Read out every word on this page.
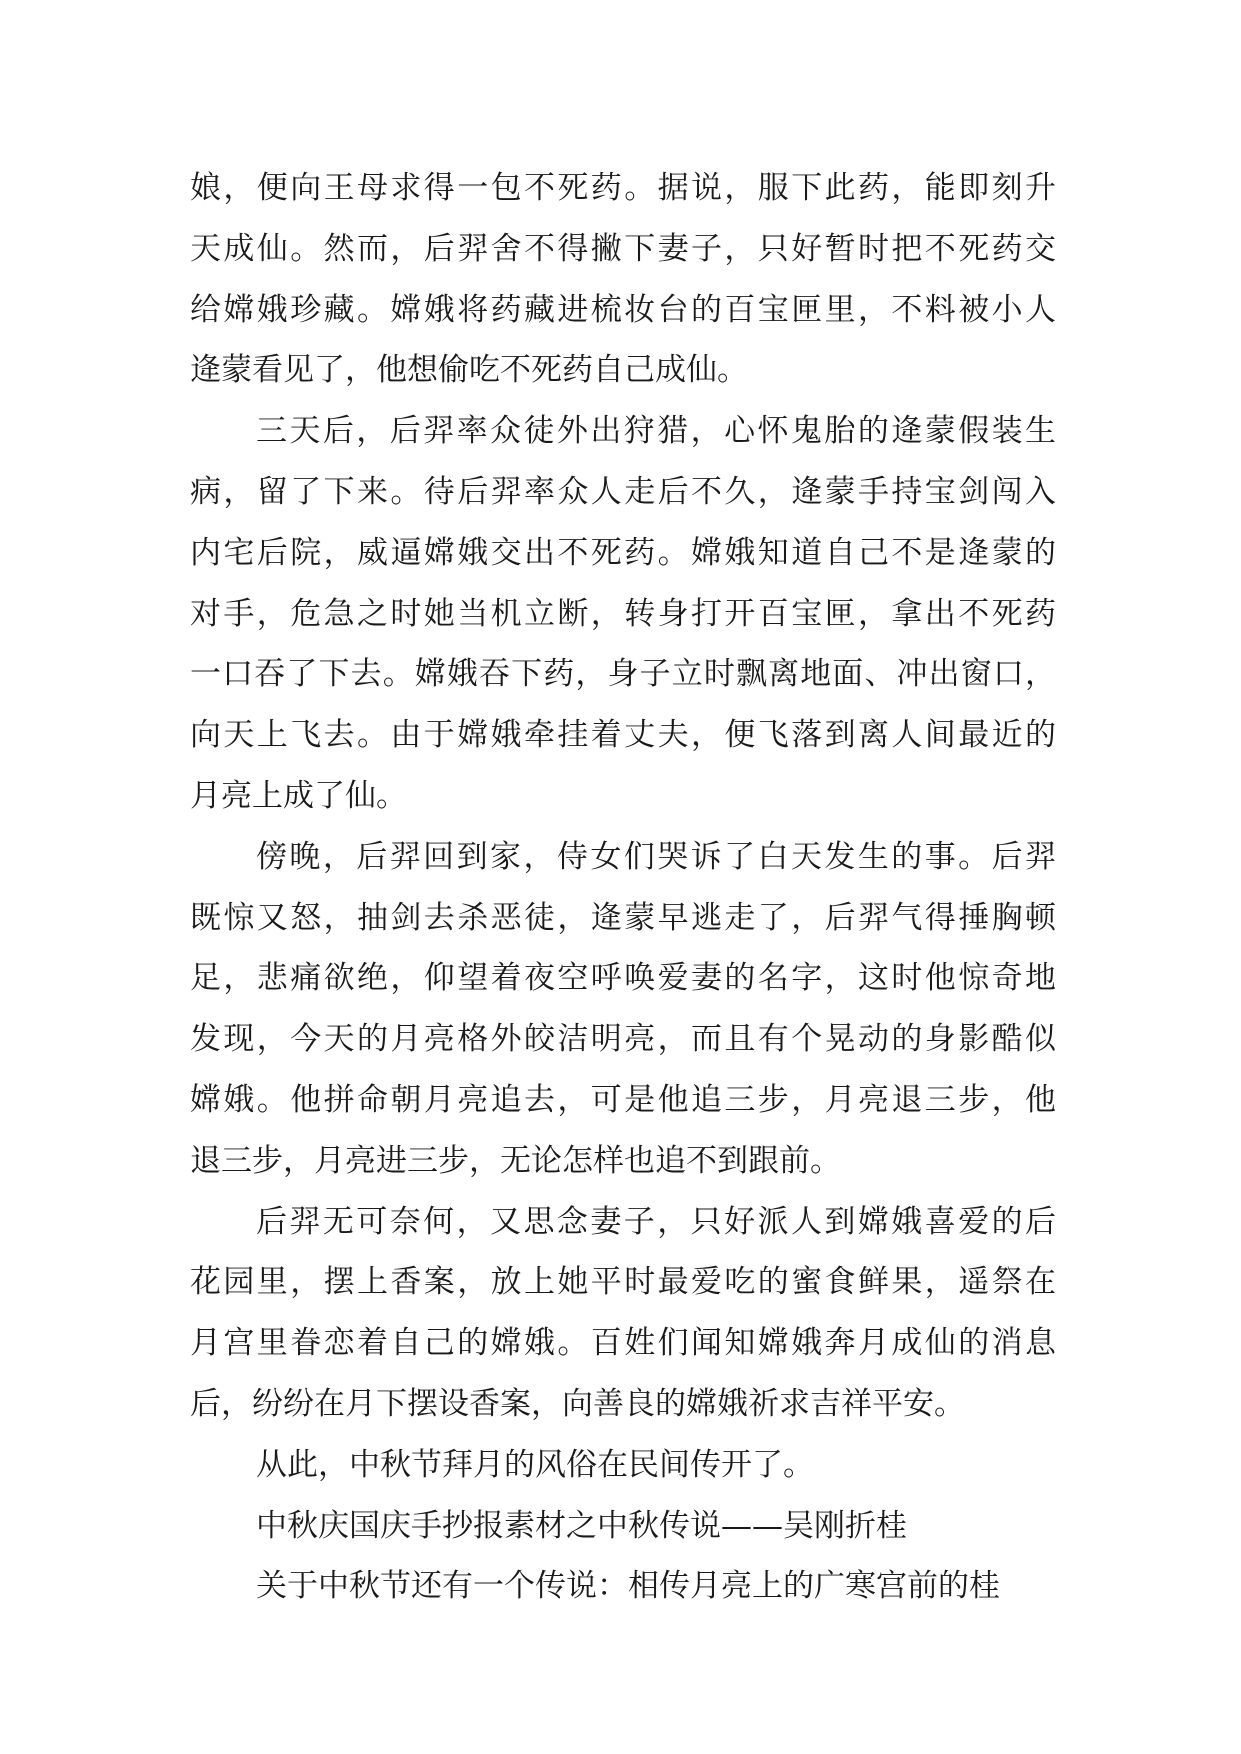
娘，便向王母求得一包不死药。据说，服下此药，能即刻升
天成仙。然而，后羿舍不得撇下妻子，只好暂时把不死药交
给嫦娥珍藏。嫦娥将药藏进梳妆台的百宝匣里，不料被小人
逄蒙看见了，他想偷吃不死药自己成仙。
三天后，后羿率众徒外出狩猎，心怀鬼胎的逄蒙假装生
病，留了下来。待后羿率众人走后不久，逄蒙手持宝剑闯入
内宅后院，威逼嫦娥交出不死药。嫦娥知道自己不是逄蒙的
对手，危急之时她当机立断，转身打开百宝匣，拿出不死药
一口吞了下去。嫦娥吞下药，身子立时飘离地面、冲出窗口，
向天上飞去。由于嫦娥牵挂着丈夫，便飞落到离人间最近的
月亮上成了仙。
傍晚，后羿回到家，侍女们哭诉了白天发生的事。后羿
既惊又怒，抽剑去杀恶徒，逄蒙早逃走了，后羿气得捶胸顿
足，悲痛欲绝，仰望着夜空呼唤爱妻的名字，这时他惊奇地
发现，今天的月亮格外皎洁明亮，而且有个晃动的身影酷似
嫦娥。他拼命朝月亮追去，可是他追三步，月亮退三步，他
退三步，月亮进三步，无论怎样也追不到跟前。
后羿无可奈何，又思念妻子，只好派人到嫦娥喜爱的后
花园里，摆上香案，放上她平时最爱吃的蜜食鲜果，遥祭在
月宫里眷恋着自己的嫦娥。百姓们闻知嫦娥奔月成仙的消息
后，纷纷在月下摆设香案，向善良的嫦娥祈求吉祥平安。
从此，中秋节拜月的风俗在民间传开了。
中秋庆国庆手抄报素材之中秋传说——吴刚折桂
关于中秋节还有一个传说：相传月亮上的广寒宫前的桂
